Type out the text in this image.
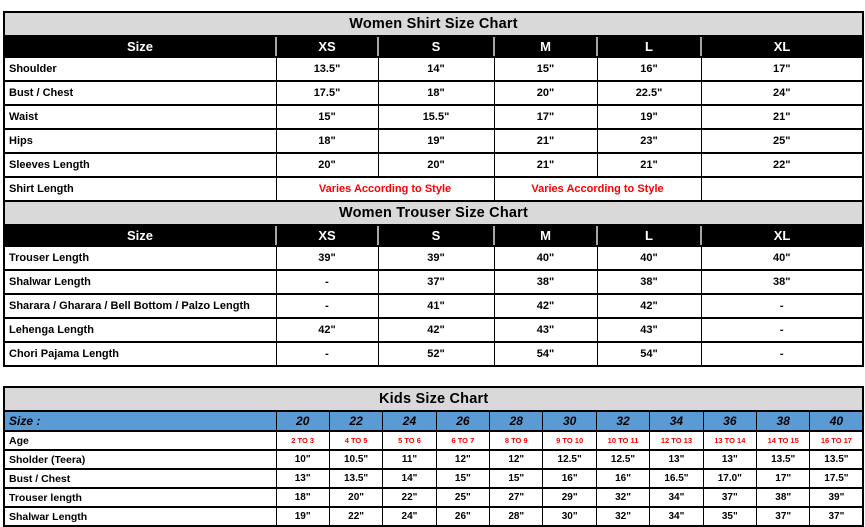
Women Shirt Size Chart					
Size	XS	S	M	L	XL
Shoulder	13.5"	14"	15"	16"	17"
Bust / Chest	17.5"	18"	20"	22.5"	24"
Waist	15"	15.5"	17"	19"	21"
Hips	18"	19"	21"	23"	25"
Sleeves Length	20"	20"	21"	21"	22"
Shirt Length	Varies According to Style		Varies According to Style		
Women Trouser Size Chart					
Size	XS	S	M	L	XL
Trouser Length	39"	39"	40"	40"	40"
Shalwar Length	-	37"	38"	38"	38"
Sharara / Gharara / Bell Bottom / Palzo Length	-	41"	42"	42"	-
Lehenga Length	42"	42"	43"	43"	-
Chori Pajama Length	-	52"	54"	54"	-
Kids Size Chart											
Size :	20	22	24	26	28	30	32	34	36	38	40
Age	2 TO 3	4 TO 5	5 TO 6	6 TO 7	8 TO 9	9 TO 10	10 TO 11	12 TO 13	13 TO 14	14 TO 15	16 TO 17
Sholder (Teera)	10"	10.5"	11"	12"	12"	12.5"	12.5"	13"	13"	13.5"	13.5"
Bust / Chest	13"	13.5"	14"	15"	15"	16"	16"	16.5"	17.0"	17"	17.5"
Trouser length	18"	20"	22"	25"	27"	29"	32"	34"	37"	38"	39"
Shalwar Length	19"	22"	24"	26"	28"	30"	32"	34"	35"	37"	37"
